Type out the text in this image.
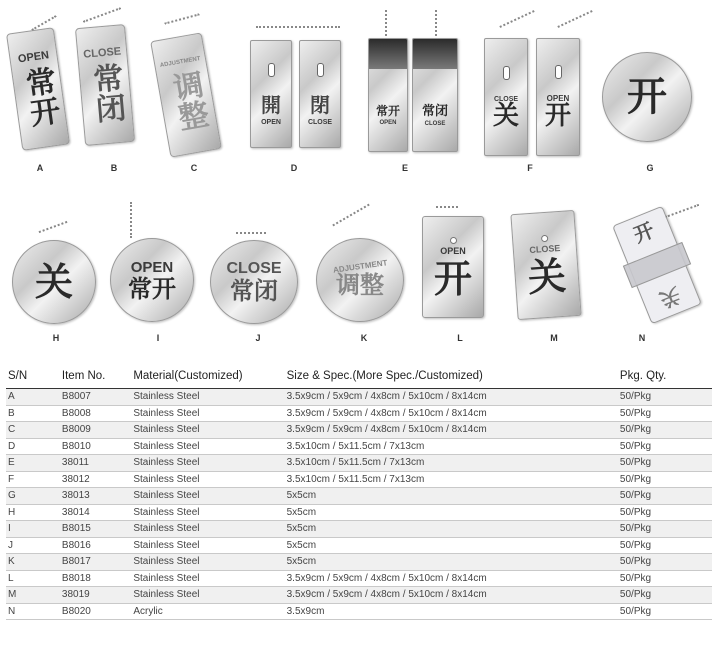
OPEN
常开
A
CLOSE
常闭
B
ADJUSTMENT
调整
C
開
OPEN
閉
CLOSE
D
常开
OPEN
常闭
CLOSE
E
CLOSE
关
OPEN
开
F
开
G
关
H
OPEN
常开
I
CLOSE
常闭
J
ADJUSTMENT
调整
K
OPEN
开
L
CLOSE
关
M
开
关
N
S/N	Item No.	Material(Customized)	Size & Spec.(More Spec./Customized)	Pkg. Qty.
A	B8007	Stainless Steel	3.5x9cm / 5x9cm / 4x8cm / 5x10cm / 8x14cm	50/Pkg
B	B8008	Stainless Steel	3.5x9cm / 5x9cm / 4x8cm / 5x10cm / 8x14cm	50/Pkg
C	B8009	Stainless Steel	3.5x9cm / 5x9cm / 4x8cm / 5x10cm / 8x14cm	50/Pkg
D	B8010	Stainless Steel	3.5x10cm / 5x11.5cm / 7x13cm	50/Pkg
E	38011	Stainless Steel	3.5x10cm / 5x11.5cm / 7x13cm	50/Pkg
F	38012	Stainless Steel	3.5x10cm / 5x11.5cm / 7x13cm	50/Pkg
G	38013	Stainless Steel	5x5cm	50/Pkg
H	38014	Stainless Steel	5x5cm	50/Pkg
I	B8015	Stainless Steel	5x5cm	50/Pkg
J	B8016	Stainless Steel	5x5cm	50/Pkg
K	B8017	Stainless Steel	5x5cm	50/Pkg
L	B8018	Stainless Steel	3.5x9cm / 5x9cm / 4x8cm / 5x10cm / 8x14cm	50/Pkg
M	38019	Stainless Steel	3.5x9cm / 5x9cm / 4x8cm / 5x10cm / 8x14cm	50/Pkg
N	B8020	Acrylic	3.5x9cm	50/Pkg
